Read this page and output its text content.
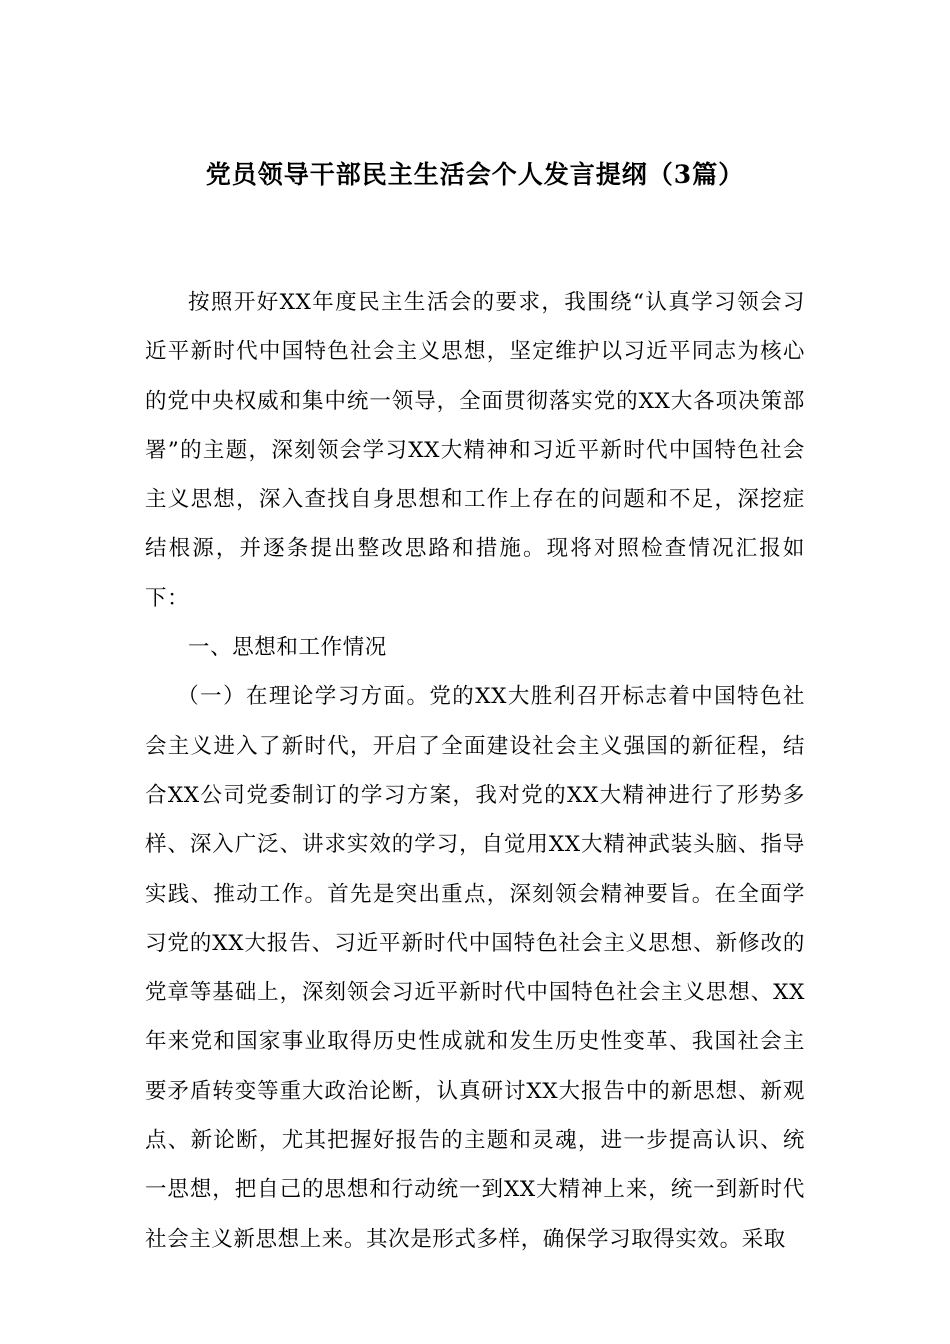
党员领导干部民主生活会个人发言提纲（3篇）

按照开好XX年度民主生活会的要求，我围绕“认真学习领会习近平新时代中国特色社会主义思想，坚定维护以习近平同志为核心的党中央权威和集中统一领导，全面贯彻落实党的XX大各项决策部署”的主题，深刻领会学习XX大精神和习近平新时代中国特色社会主义思想，深入查找自身思想和工作上存在的问题和不足，深挖症结根源，并逐条提出整改思路和措施。现将对照检查情况汇报如下：

一、思想和工作情况

（一）在理论学习方面。党的XX大胜利召开标志着中国特色社会主义进入了新时代，开启了全面建设社会主义强国的新征程，结合XX公司党委制订的学习方案，我对党的XX大精神进行了形势多样、深入广泛、讲求实效的学习，自觉用XX大精神武装头脑、指导实践、推动工作。首先是突出重点，深刻领会精神要旨。在全面学习党的XX大报告、习近平新时代中国特色社会主义思想、新修改的党章等基础上，深刻领会习近平新时代中国特色社会主义思想、XX年来党和国家事业取得历史性成就和发生历史性变革、我国社会主要矛盾转变等重大政治论断，认真研讨XX大报告中的新思想、新观点、新论断，尤其把握好报告的主题和灵魂，进一步提高认识、统一思想，把自己的思想和行动统一到XX大精神上来，统一到新时代社会主义新思想上来。其次是形式多样，确保学习取得实效。采取
